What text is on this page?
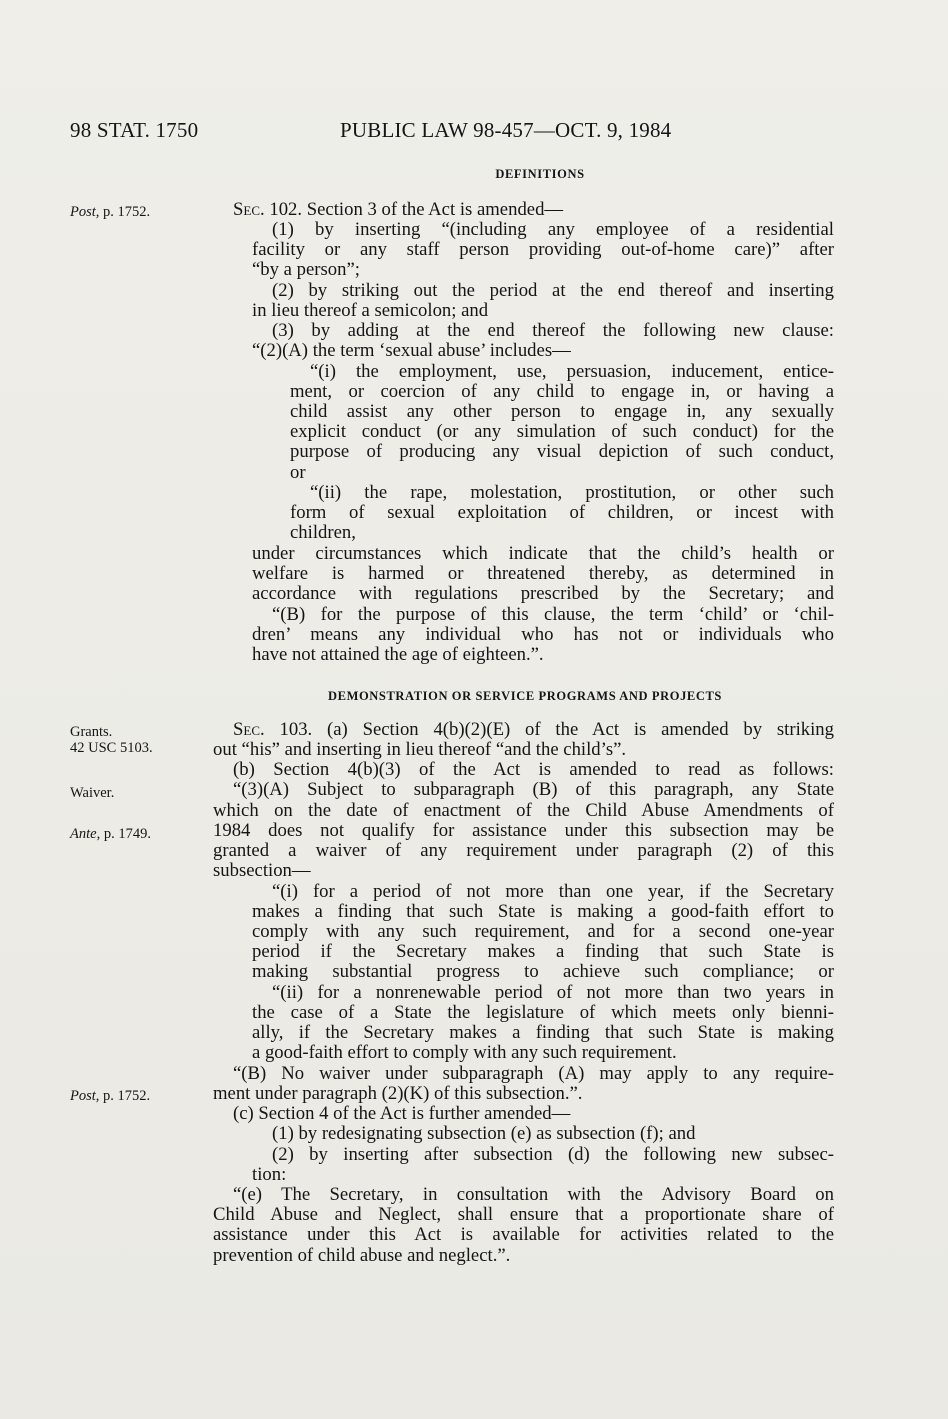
98 STAT. 1750	PUBLIC LAW 98-457—OCT. 9, 1984
DEFINITIONS
Post, p. 1752.
Grants.
42 USC 5103.
Waiver.
Ante, p. 1749.
Post, p. 1752.
Sec. 102. Section 3 of the Act is amended—
(1) by inserting “(including any employee of a residential
facility or any staff person providing out-of-home care)” after
“by a person”;
(2) by striking out the period at the end thereof and inserting
in lieu thereof a semicolon; and
(3) by adding at the end thereof the following new clause:
“(2)(A) the term ‘sexual abuse’ includes—
“(i) the employment, use, persuasion, inducement, entice-
ment, or coercion of any child to engage in, or having a
child assist any other person to engage in, any sexually
explicit conduct (or any simulation of such conduct) for the
purpose of producing any visual depiction of such conduct,
or
“(ii) the rape, molestation, prostitution, or other such
form of sexual exploitation of children, or incest with
children,
under circumstances which indicate that the child’s health or
welfare is harmed or threatened thereby, as determined in
accordance with regulations prescribed by the Secretary; and
“(B) for the purpose of this clause, the term ‘child’ or ‘chil-
dren’ means any individual who has not or individuals who
have not attained the age of eighteen.”.
DEMONSTRATION OR SERVICE PROGRAMS AND PROJECTS
Sec. 103. (a) Section 4(b)(2)(E) of the Act is amended by striking
out “his” and inserting in lieu thereof “and the child’s”.
(b) Section 4(b)(3) of the Act is amended to read as follows:
“(3)(A) Subject to subparagraph (B) of this paragraph, any State
which on the date of enactment of the Child Abuse Amendments of
1984 does not qualify for assistance under this subsection may be
granted a waiver of any requirement under paragraph (2) of this
subsection—
“(i) for a period of not more than one year, if the Secretary
makes a finding that such State is making a good-faith effort to
comply with any such requirement, and for a second one-year
period if the Secretary makes a finding that such State is
making substantial progress to achieve such compliance; or
“(ii) for a nonrenewable period of not more than two years in
the case of a State the legislature of which meets only bienni-
ally, if the Secretary makes a finding that such State is making
a good-faith effort to comply with any such requirement.
“(B) No waiver under subparagraph (A) may apply to any require-
ment under paragraph (2)(K) of this subsection.”.
(c) Section 4 of the Act is further amended—
(1) by redesignating subsection (e) as subsection (f); and
(2) by inserting after subsection (d) the following new subsec-
tion:
“(e) The Secretary, in consultation with the Advisory Board on
Child Abuse and Neglect, shall ensure that a proportionate share of
assistance under this Act is available for activities related to the
prevention of child abuse and neglect.”.
